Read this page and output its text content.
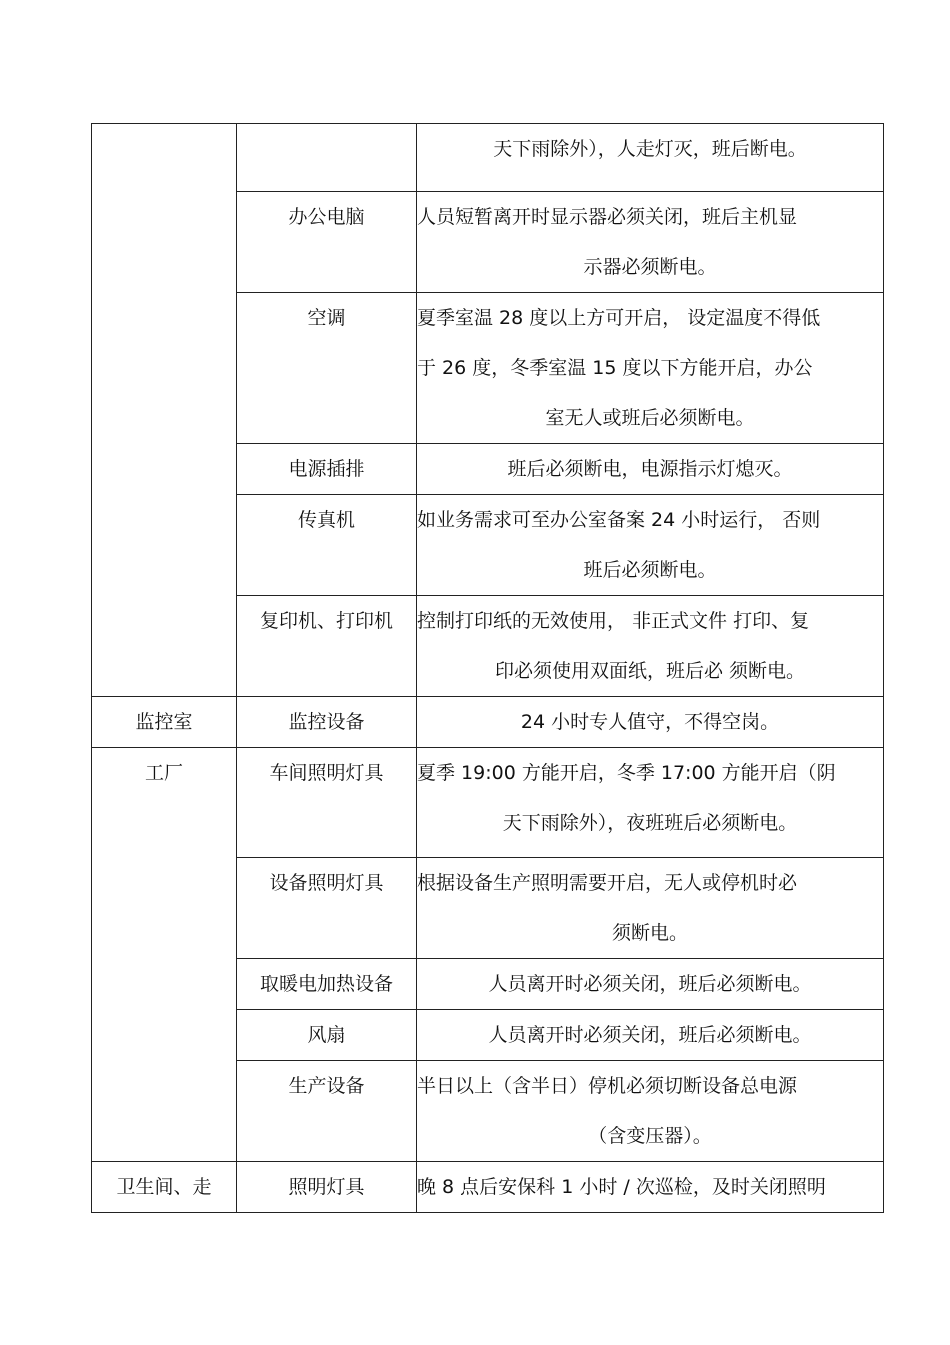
		天下雨除外），人走灯灭，班后断电。

	办公电脑	人员短暂离开时显示器必须关闭，班后主机显
示器必须断电。

	空调	夏季室温 28 度以上方可开启， 设定温度不得低
于 26 度，冬季室温 15 度以下方能开启，办公
室无人或班后必须断电。

	电源插排	班后必须断电，电源指示灯熄灭。

	传真机	如业务需求可至办公室备案 24 小时运行， 否则
班后必须断电。

	复印机、打印机	控制打印纸的无效使用， 非正式文件 打印、复
印必须使用双面纸，班后必 须断电。

监控室	监控设备	24 小时专人值守，不得空岗。

工厂	车间照明灯具	夏季 19:00 方能开启，冬季 17:00 方能开启（阴
天下雨除外），夜班班后必须断电。

	设备照明灯具	根据设备生产照明需要开启，无人或停机时必
须断电。

	取暖电加热设备	人员离开时必须关闭，班后必须断电。

	风扇	人员离开时必须关闭，班后必须断电。

	生产设备	半日以上（含半日）停机必须切断设备总电源
（含变压器）。

卫生间、走	照明灯具	晚 8 点后安保科 1 小时 / 次巡检，及时关闭照明
